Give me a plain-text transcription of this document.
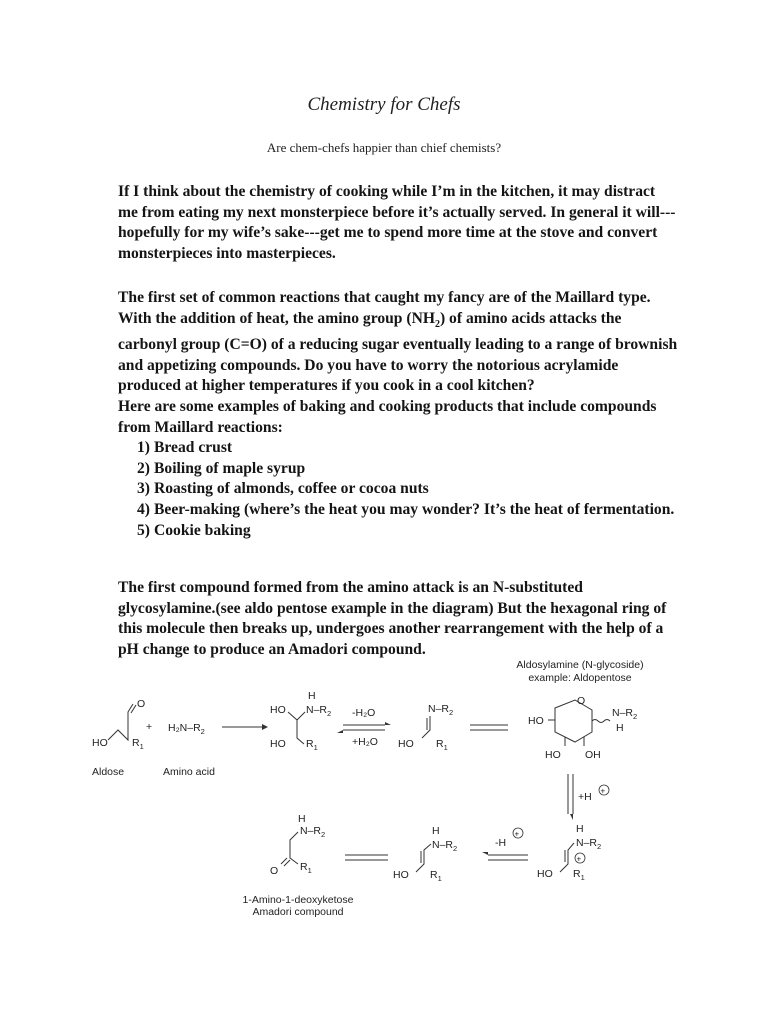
Chemistry for Chefs
Are chem-chefs happier than chief chemists?

If I think about the chemistry of cooking while I’m in the kitchen, it may distract me from eating my next monsterpiece before it’s actually served. In general it will---hopefully for my wife’s sake---get me to spend more time at the stove and convert monsterpieces into masterpieces.

The first set of common reactions that caught my fancy are of the Maillard type. With the addition of heat, the amino group $(NH_2)$ of amino acids attacks the carbonyl group (C=O) of a reducing sugar eventually leading to a range of brownish and appetizing compounds. Do you have to worry the notorious acrylamide produced at higher temperatures if you cook in a cool kitchen?

Here are some examples of baking and cooking products that include compounds from Maillard reactions:

1) Bread crust
2) Boiling of maple syrup
3) Roasting of almonds, coffee or cocoa nuts
4) Beer-making (where’s the heat you may wonder? It’s the heat of fermentation.
5) Cookie baking

The first compound formed from the amino attack is an N-substituted glycosylamine.(see aldo pentose example in the diagram) But the hexagonal ring of this molecule then breaks up, undergoes another rearrangement with the help of a pH change to produce an Amadori compound.

Aldosylamine (N-glycoside)
example: Aldopentose
O
HO $R_1$
Aldose
+ H₂N–$R_2$
Amino acid
H
HO $N-R_2$
HO $R_1$
-H₂O
+H₂O
$N-R_2$
HO $R_1$
O
HO
$N-R_2$
H
HO OH
+H +
H
$N-R_2$
+
HO $R_1$
-H
+
H
$N-R_2$
HO $R_1$
$N-R_2$
H
O $R_1$
1-Amino-1-deoxyketose
Amadori compound
